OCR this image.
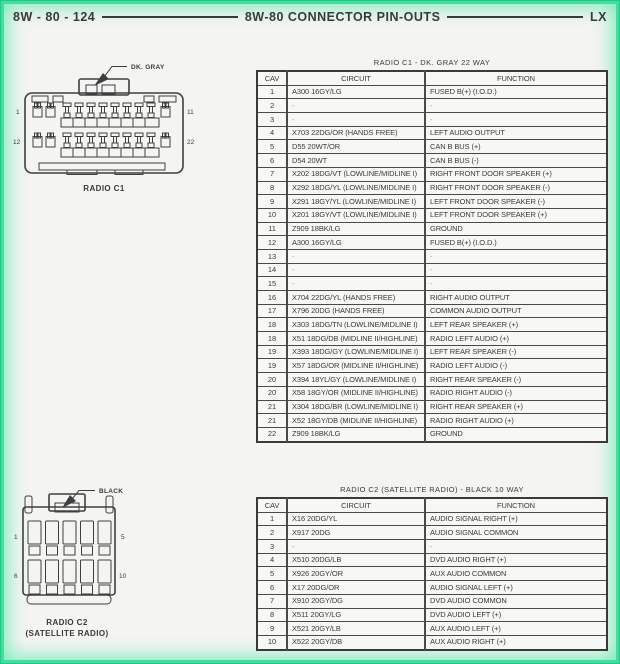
8W - 80 - 124	8W-80 CONNECTOR PIN-OUTS	LX
DK. GRAY
1	11
12	22
RADIO C1
RADIO C1 - DK. GRAY 22 WAY
CAV	CIRCUIT	FUNCTION
1	A300 16GY/LG	FUSED B(+) (I.O.D.)
2	-	-
3	-	-
4	X703 22DG/OR (HANDS FREE)	LEFT AUDIO OUTPUT
5	D55 20WT/OR	CAN B BUS (+)
6	D54 20WT	CAN B BUS (-)
7	X202 18DG/VT (LOWLINE/MIDLINE I)	RIGHT FRONT DOOR SPEAKER (+)
8	X292 18DG/YL (LOWLINE/MIDLINE I)	RIGHT FRONT DOOR SPEAKER (-)
9	X291 18GY/YL (LOWLINE/MIDLINE I)	LEFT FRONT DOOR SPEAKER (-)
10	X201 18GY/VT (LOWLINE/MIDLINE I)	LEFT FRONT DOOR SPEAKER (+)
11	Z909 18BK/LG	GROUND
12	A300 16GY/LG	FUSED B(+) (I.O.D.)
13	-	-
14	-	-
15	-	-
16	X704 22DG/YL (HANDS FREE)	RIGHT AUDIO OUTPUT
17	X796 20DG (HANDS FREE)	COMMON AUDIO OUTPUT
18	X303 18DG/TN (LOWLINE/MIDLINE I)	LEFT REAR SPEAKER (+)
18	X51 18DG/DB (MIDLINE II/HIGHLINE)	RADIO LEFT AUDIO (+)
19	X393 18DG/GY (LOWLINE/MIDLINE I)	LEFT REAR SPEAKER (-)
19	X57 18DG/OR (MIDLINE II/HIGHLINE)	RADIO LEFT AUDIO (-)
20	X394 18YL/GY (LOWLINE/MIDLINE I)	RIGHT REAR SPEAKER (-)
20	X58 18GY/OR (MIDLINE II/HIGHLINE)	RADIO RIGHT AUDIO (-)
21	X304 18DG/BR (LOWLINE/MIDLINE I)	RIGHT REAR SPEAKER (+)
21	X52 18GY/DB (MIDLINE II/HIGHLINE)	RADIO RIGHT AUDIO (+)
22	Z909 18BK/LG	GROUND
BLACK
1	5
6	10
RADIO C2
(SATELLITE RADIO)
RADIO C2 (SATELLITE RADIO) - BLACK 10 WAY
CAV	CIRCUIT	FUNCTION
1	X16 20DG/YL	AUDIO SIGNAL RIGHT (+)
2	X917 20DG	AUDIO SIGNAL COMMON
3	-	-
4	X510 20DG/LB	DVD AUDIO RIGHT (+)
5	X926 20GY/OR	AUX AUDIO COMMON
6	X17 20DG/OR	AUDIO SIGNAL LEFT (+)
7	X910 20GY/DG	DVD AUDIO COMMON
8	X511 20GY/LG	DVD AUDIO LEFT (+)
9	X521 20GY/LB	AUX AUDIO LEFT (+)
10	X522 20GY/DB	AUX AUDIO RIGHT (+)
